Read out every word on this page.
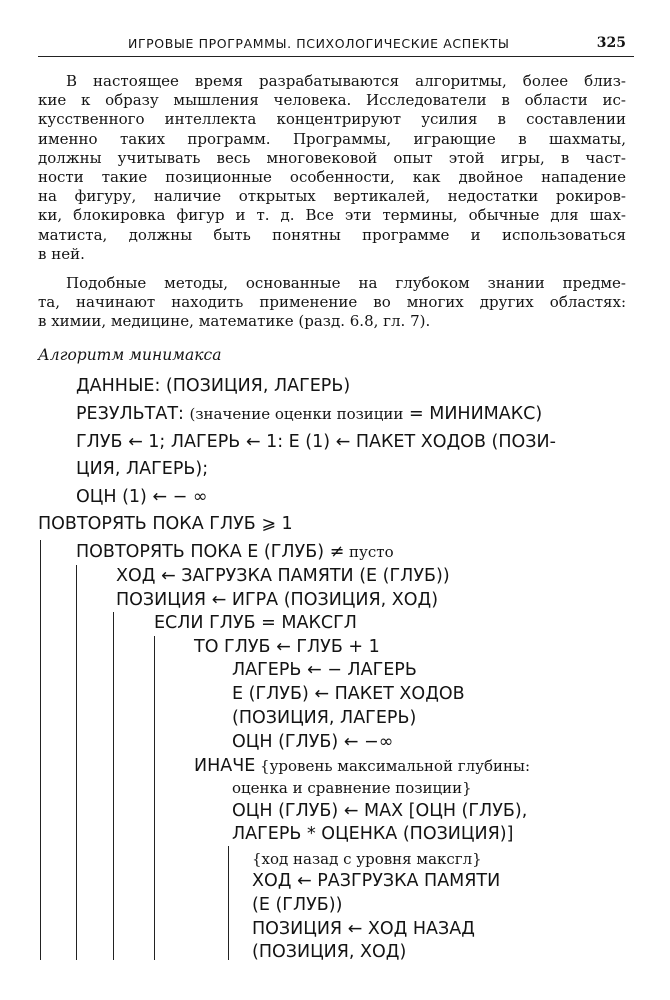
ИГРОВЫЕ ПРОГРАММЫ. ПСИХОЛОГИЧЕСКИЕ АСПЕКТЫ	325
В настоящее время разрабатываются алгоритмы, более близ-
кие к образу мышления человека. Исследователи в области ис-
кусственного интеллекта концентрируют усилия в составлении
именно таких программ. Программы, играющие в шахматы,
должны учитывать весь многовековой опыт этой игры, в част-
ности такие позиционные особенности, как двойное нападение
на фигуру, наличие открытых вертикалей, недостатки рокиров-
ки, блокировка фигур и т. д. Все эти термины, обычные для шах-
матиста, должны быть понятны программе и использоваться
в ней.
Подобные методы, основанные на глубоком знании предме-
та, начинают находить применение во многих других областях:
в химии, медицине, математике (разд. 6.8, гл. 7).
Алгоритм минимакса
ДАННЫЕ: (ПОЗИЦИЯ, ЛАГЕРЬ)
РЕЗУЛЬТАТ: (значение оценки позиции = МИНИМАКС)
ГЛУБ ← 1; ЛАГЕРЬ ← 1: E (1) ← ПАКЕТ ХОДОВ (ПОЗИ-
ЦИЯ, ЛАГЕРЬ);
ОЦН (1) ← − ∞
ПОВТОРЯТЬ ПОКА ГЛУБ ⩾ 1
ПОВТОРЯТЬ ПОКА E (ГЛУБ) ≠ пусто
ХОД ← ЗАГРУЗКА ПАМЯТИ (E (ГЛУБ))
ПОЗИЦИЯ ← ИГРА (ПОЗИЦИЯ, ХОД)
ЕСЛИ ГЛУБ = МАКСГЛ
ТО ГЛУБ ← ГЛУБ + 1
ЛАГЕРЬ ← − ЛАГЕРЬ
Е (ГЛУБ) ← ПАКЕТ ХОДОВ
(ПОЗИЦИЯ, ЛАГЕРЬ)
ОЦН (ГЛУБ) ← −∞
ИНАЧЕ {уровень максимальной глубины:
оценка и сравнение позиции}
ОЦН (ГЛУБ) ← МАХ [ОЦН (ГЛУБ),
ЛАГЕРЬ * ОЦЕНКА (ПОЗИЦИЯ)]
{ход назад с уровня максгл}
ХОД ← РАЗГРУЗКА ПАМЯТИ
(E (ГЛУБ))
ПОЗИЦИЯ ← ХОД НАЗАД
(ПОЗИЦИЯ, ХОД)
